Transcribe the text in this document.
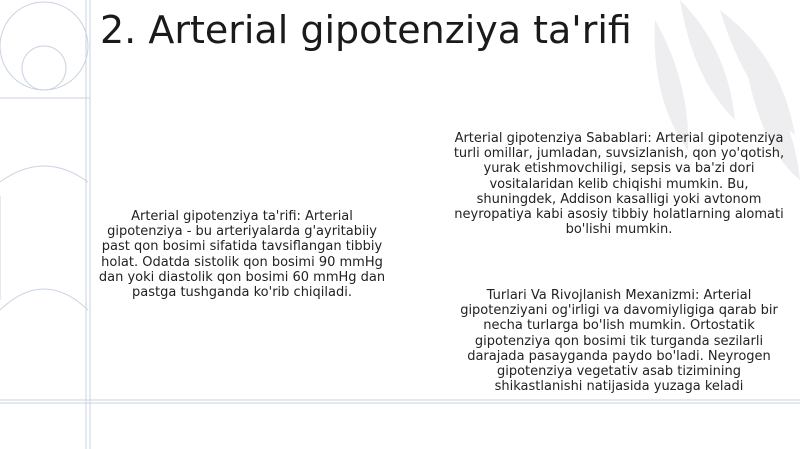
2. Arterial gipotenziya ta'rifi

Arterial gipotenziya ta'rifi: Arterial gipotenziya - bu arteriyalarda g'ayritabiiy past qon bosimi sifatida tavsiflangan tibbiy holat. Odatda sistolik qon bosimi 90 mmHg dan yoki diastolik qon bosimi 60 mmHg dan pastga tushganda ko'rib chiqiladi.

Arterial gipotenziya Sabablari: Arterial gipotenziya turli omillar, jumladan, suvsizlanish, qon yo'qotish, yurak etishmovchiligi, sepsis va ba'zi dori vositalaridan kelib chiqishi mumkin. Bu, shuningdek, Addison kasalligi yoki avtonom neyropatiya kabi asosiy tibbiy holatlarning alomati bo'lishi mumkin.

Turlari Va Rivojlanish Mexanizmi: Arterial gipotenziyani og'irligi va davomiyligiga qarab bir necha turlarga bo'lish mumkin. Ortostatik gipotenziya qon bosimi tik turganda sezilarli darajada pasayganda paydo bo'ladi. Neyrogen gipotenziya vegetativ asab tizimining shikastlanishi natijasida yuzaga keladi
